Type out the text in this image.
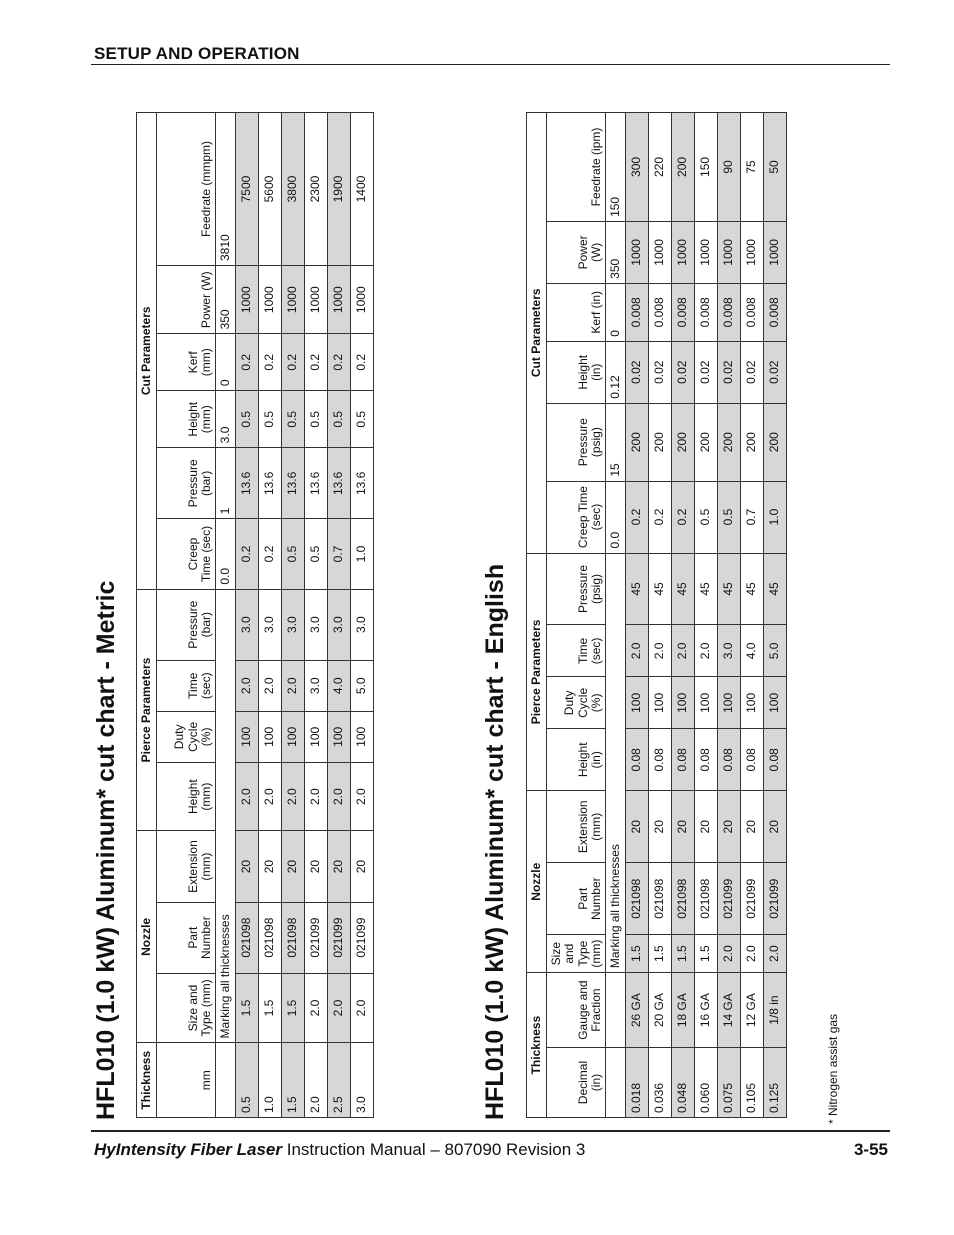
SETUP AND OPERATION
HFL010 (1.0 kW) Aluminum* cut chart - Metric Thickness	Nozzle			Pierce Parameters				Cut Parameters					
mm	Size and Type (mm)	Part Number	Extension (mm)	Height (mm)	Duty Cycle (%)	Time (sec)	Pressure (bar)	Creep Time (sec)	Pressure (bar)	Height (mm)	Kerf (mm)	Power (W)	Feedrate (mmpm)
	Marking all thicknesses							0.0	1	3.0	0	350	3810
0.5	1.5	021098	20	2.0	100	2.0	3.0	0.2	13.6	0.5	0.2	1000	7500
1.0	1.5	021098	20	2.0	100	2.0	3.0	0.2	13.6	0.5	0.2	1000	5600
1.5	1.5	021098	20	2.0	100	2.0	3.0	0.5	13.6	0.5	0.2	1000	3800
2.0	2.0	021099	20	2.0	100	3.0	3.0	0.5	13.6	0.5	0.2	1000	2300
2.5	2.0	021099	20	2.0	100	4.0	3.0	0.7	13.6	0.5	0.2	1000	1900
3.0	2.0	021099	20	2.0	100	5.0	3.0	1.0	13.6	0.5	0.2	1000	1400
HFL010 (1.0 kW) Aluminum* cut chart - English Thickness		Nozzle			Pierce Parameters				Cut Parameters					
Decimal (in)	Gauge and Fraction	Size and Type (mm)	Part Number	Extension (mm)	Height (in)	Duty Cycle (%)	Time (sec)	Pressure (psig)	Creep Time (sec)	Pressure (psig)	Height (in)	Kerf (in)	Power (W)	Feedrate (ipm)
		Marking all thicknesses							0.0	15	0.12	0	350	150
0.018	26 GA	1.5	021098	20	0.08	100	2.0	45	0.2	200	0.02	0.008	1000	300
0.036	20 GA	1.5	021098	20	0.08	100	2.0	45	0.2	200	0.02	0.008	1000	220
0.048	18 GA	1.5	021098	20	0.08	100	2.0	45	0.2	200	0.02	0.008	1000	200
0.060	16 GA	1.5	021098	20	0.08	100	2.0	45	0.5	200	0.02	0.008	1000	150
0.075	14 GA	2.0	021099	20	0.08	100	3.0	45	0.5	200	0.02	0.008	1000	90
0.105	12 GA	2.0	021099	20	0.08	100	4.0	45	0.7	200	0.02	0.008	1000	75
0.125	1/8 in	2.0	021099	20	0.08	100	5.0	45	1.0	200	0.02	0.008	1000	50
* Nitrogen assist gas
HyIntensity Fiber Laser Instruction Manual – 807090 Revision 3	3-55
